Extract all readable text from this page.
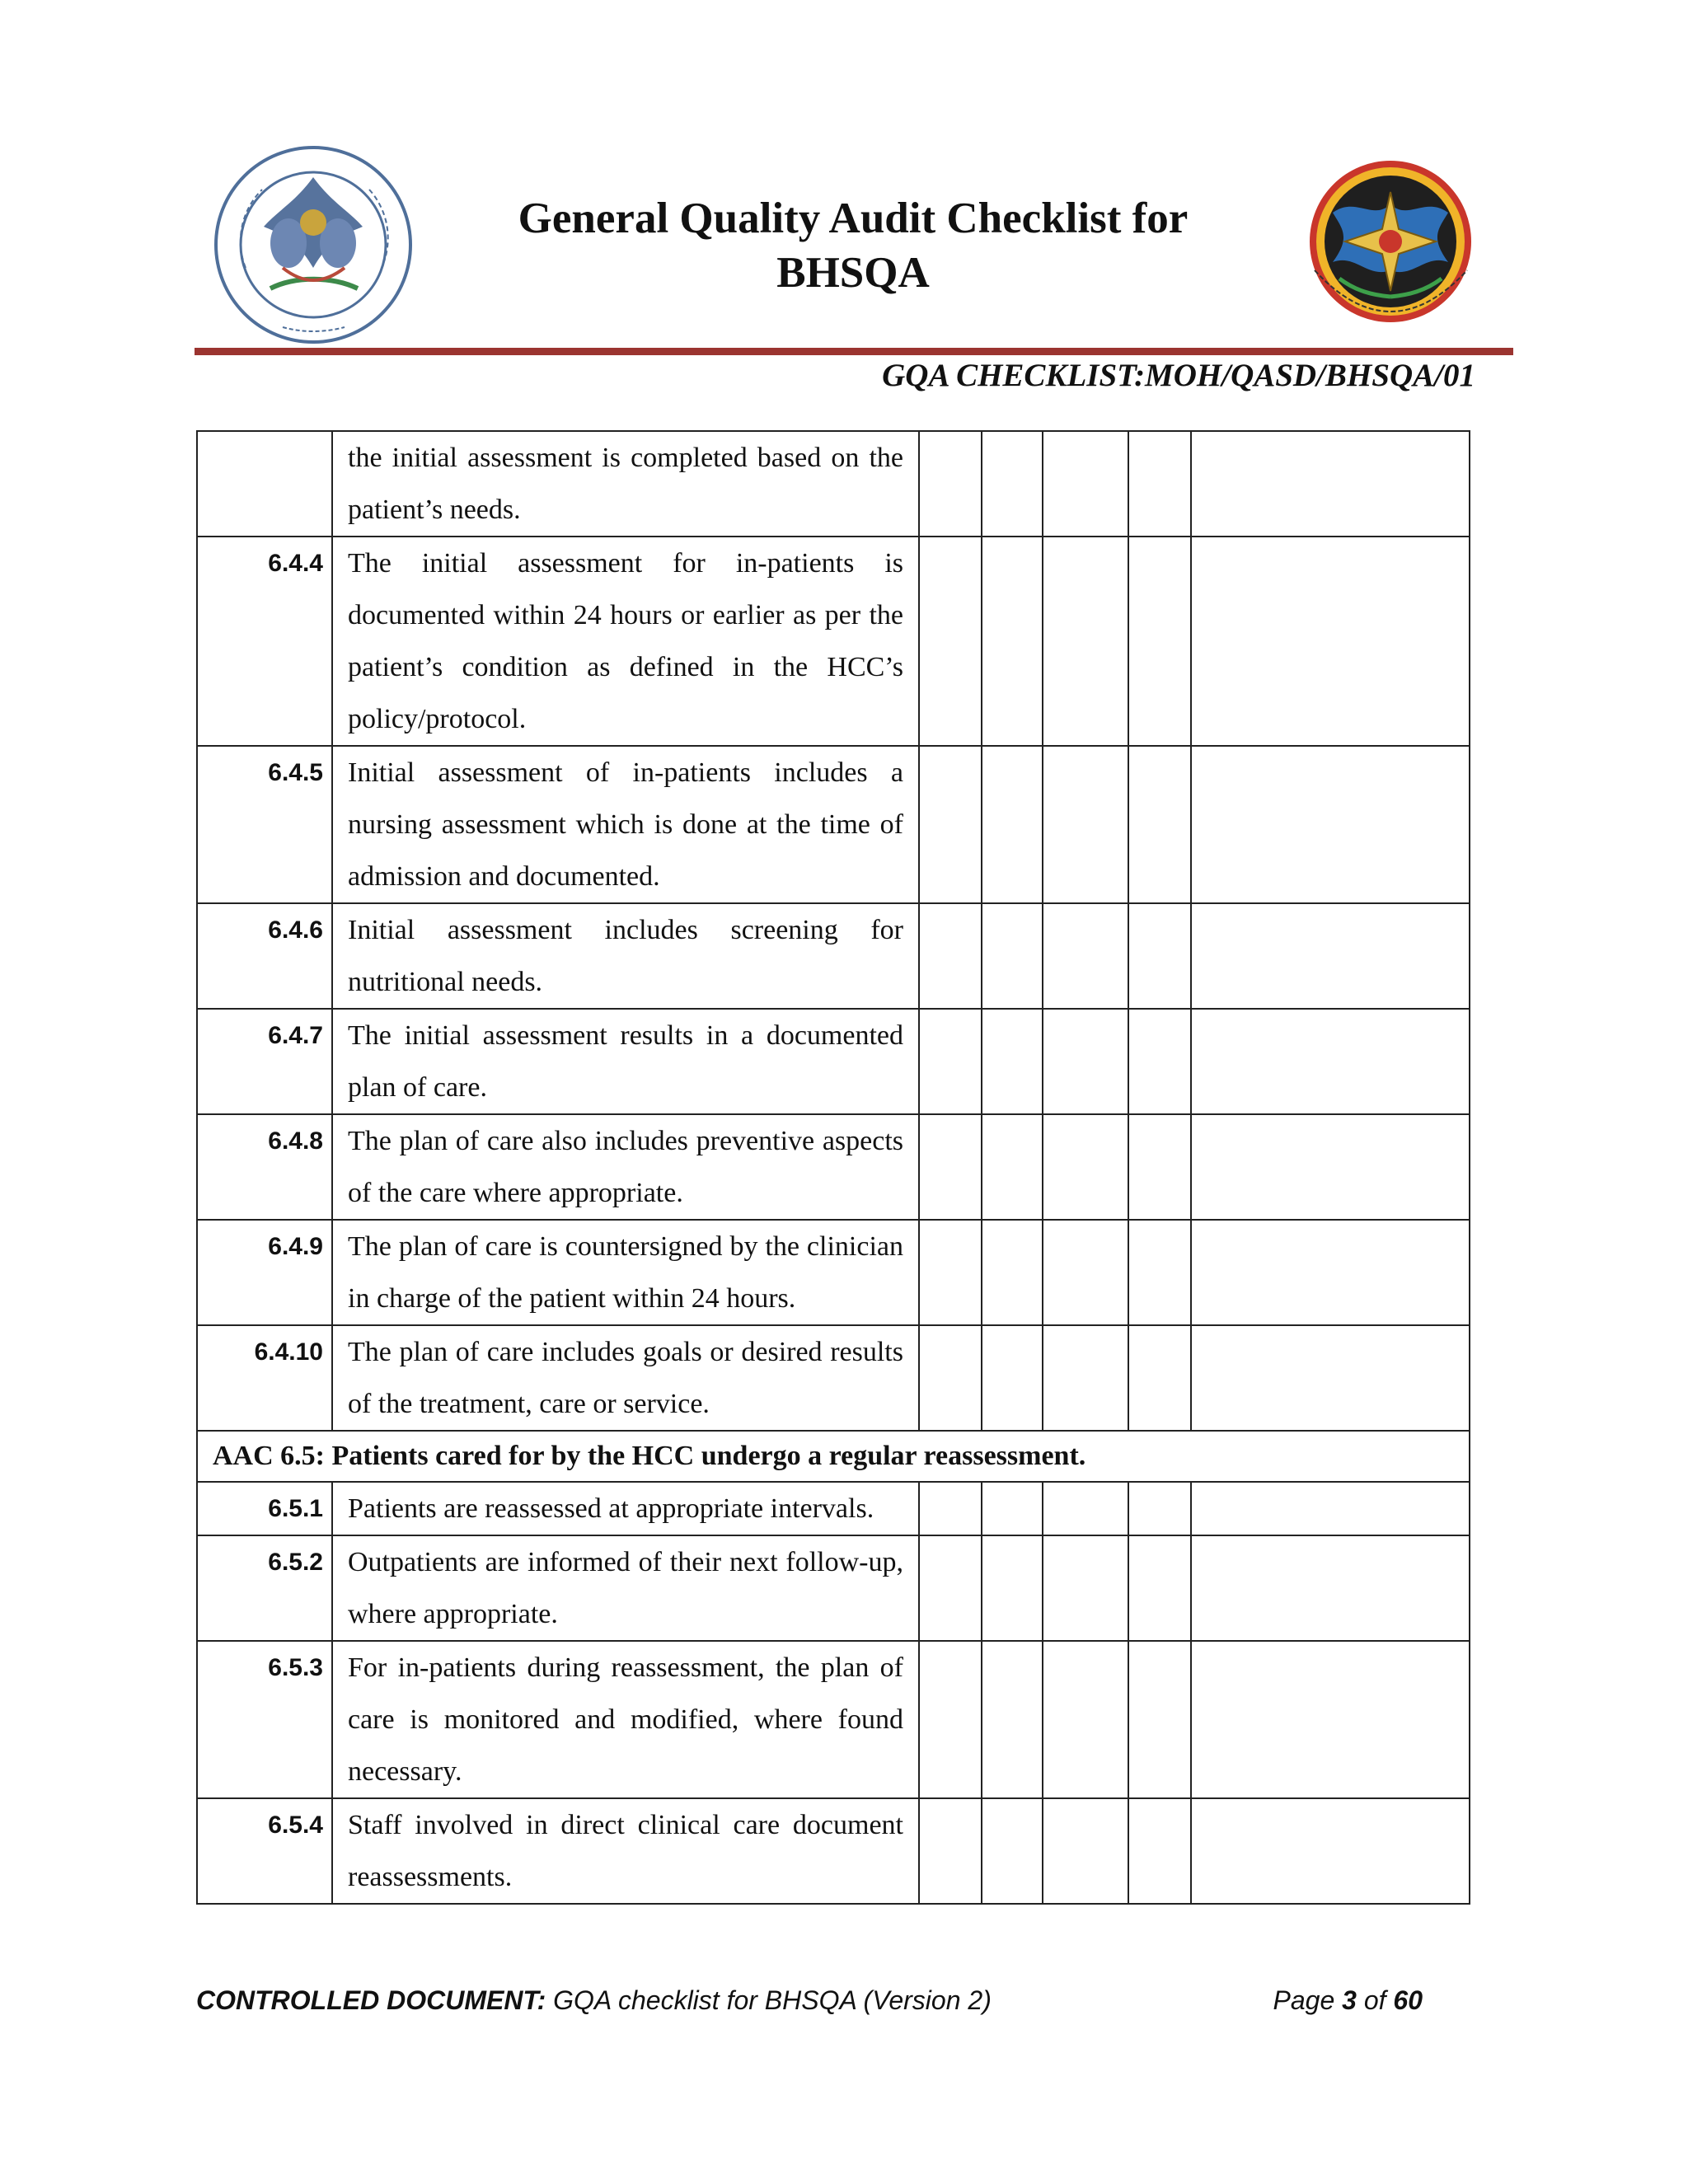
General Quality Audit Checklist for
BHSQA
GQA CHECKLIST:MOH/QASD/BHSQA/01
	the initial assessment is completed based on the patient’s needs.					
6.4.4	The initial assessment for in-patients is documented within 24 hours or earlier as per the patient’s condition as defined in the HCC’s policy/protocol.					
6.4.5	Initial assessment of in-patients includes a nursing assessment which is done at the time of admission and documented.					
6.4.6	Initial assessment includes screening for nutritional needs.					
6.4.7	The initial assessment results in a documented plan of care.					
6.4.8	The plan of care also includes preventive aspects of the care where appropriate.					
6.4.9	The plan of care is countersigned by the clinician in charge of the patient within 24 hours.					
6.4.10	The plan of care includes goals or desired results of the treatment, care or service.					
AAC 6.5: Patients cared for by the HCC undergo a regular reassessment.						
6.5.1	Patients are reassessed at appropriate intervals.					
6.5.2	Outpatients are informed of their next follow-up, where appropriate.					
6.5.3	For in-patients during reassessment, the plan of care is monitored and modified, where found necessary.					
6.5.4	Staff involved in direct clinical care document reassessments.					
CONTROLLED DOCUMENT: GQA checklist for BHSQA (Version 2)	Page 3 of 60
